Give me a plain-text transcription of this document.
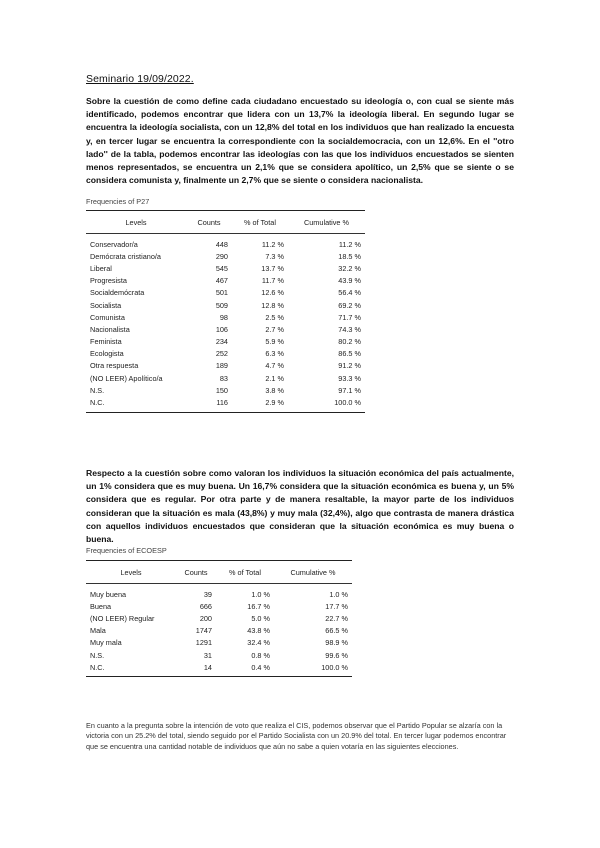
Seminario 19/09/2022.
Sobre la cuestión de como define cada ciudadano encuestado su ideología o, con cual se siente más identificado, podemos encontrar que lidera con un 13,7% la ideología liberal. En segundo lugar se encuentra la ideología socialista, con un 12,8% del total en los individuos que han realizado la encuesta y, en tercer lugar se encuentra la correspondiente con la socialdemocracia, con un 12,6%. En el ''otro lado'' de la tabla, podemos encontrar las ideologías con las que los individuos encuestados se sienten menos representados, se encuentra un 2,1% que se considera apolítico, un 2,5% que se siente o se considera comunista y, finalmente un 2,7% que se siente o considera nacionalista.
Frequencies of P27
Levels	Counts	% of Total	Cumulative %
Conservador/a	448	11.2 %	11.2 %
Demócrata cristiano/a	290	7.3 %	18.5 %
Liberal	545	13.7 %	32.2 %
Progresista	467	11.7 %	43.9 %
Socialdemócrata	501	12.6 %	56.4 %
Socialista	509	12.8 %	69.2 %
Comunista	98	2.5 %	71.7 %
Nacionalista	106	2.7 %	74.3 %
Feminista	234	5.9 %	80.2 %
Ecologista	252	6.3 %	86.5 %
Otra respuesta	189	4.7 %	91.2 %
(NO LEER) Apolítico/a	83	2.1 %	93.3 %
N.S.	150	3.8 %	97.1 %
N.C.	116	2.9 %	100.0 %
Respecto a la cuestión sobre como valoran los individuos la situación económica del país actualmente, un 1% considera que es muy buena. Un 16,7% considera que la situación económica es buena y, un 5% considera que es regular. Por otra parte y de manera resaltable, la mayor parte de los individuos consideran que la situación es mala (43,8%) y muy mala (32,4%), algo que contrasta de manera drástica con aquellos individuos encuestados que consideran que la situación económica es muy buena o buena.
Frequencies of ECOESP
Levels	Counts	% of Total	Cumulative %
Muy buena	39	1.0 %	1.0 %
Buena	666	16.7 %	17.7 %
(NO LEER) Regular	200	5.0 %	22.7 %
Mala	1747	43.8 %	66.5 %
Muy mala	1291	32.4 %	98.9 %
N.S.	31	0.8 %	99.6 %
N.C.	14	0.4 %	100.0 %
En cuanto a la pregunta sobre la intención de voto que realiza el CIS, podemos observar que el Partido Popular se alzaría con la victoria con un 25.2% del total, siendo seguido por el Partido Socialista con un 20.9% del total. En tercer lugar podemos encontrar que se encuentra una cantidad notable de individuos que aún no sabe a quien votaría en las siguientes elecciones.
